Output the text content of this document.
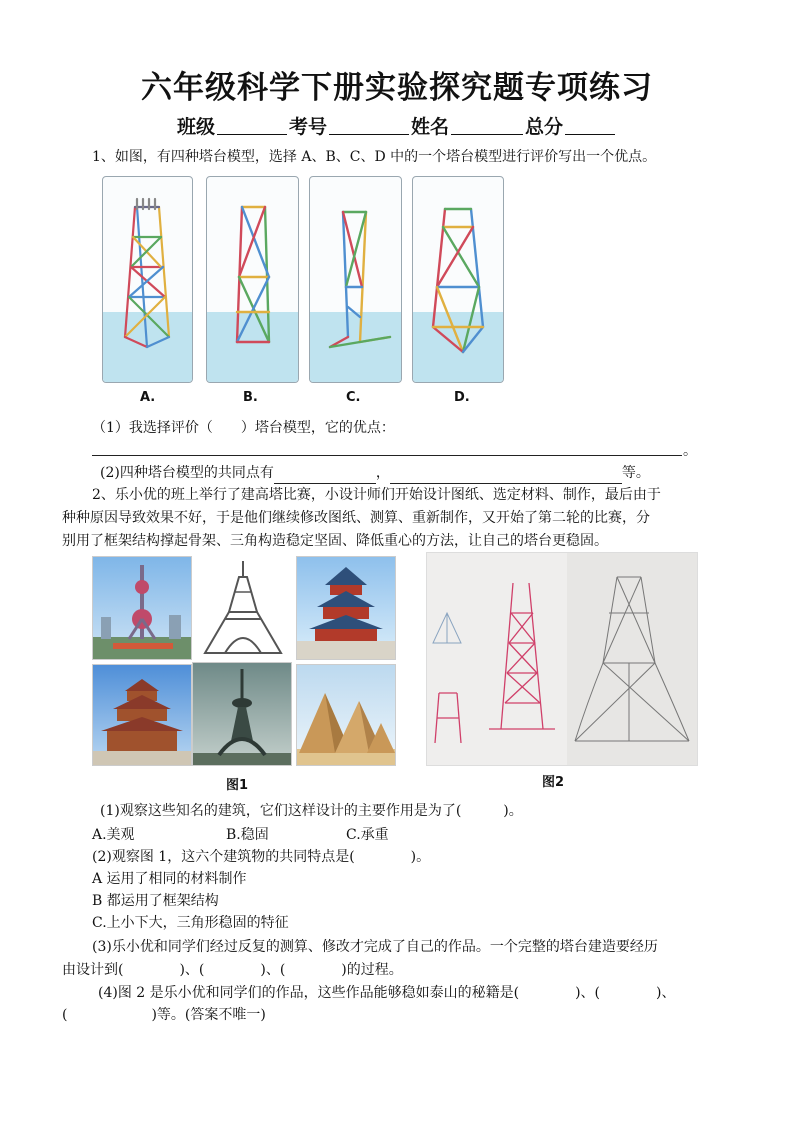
六年级科学下册实验探究题专项练习
班级	考号	姓名	总分
1、如图，有四种塔台模型，选择 A、B、C、D 中的一个塔台模型进行评价写出一个优点。
A.	B.	C.	D.
（1）我选择评价（　　）塔台模型，它的优点：
。
(2)四种塔台模型的共同点有	，	等。
2、乐小优的班上举行了建高塔比赛，小设计师们开始设计图纸、选定材料、制作，最后由于
种种原因导致效果不好，于是他们继续修改图纸、测算、重新制作，又开始了第二轮的比赛，分
别用了框架结构撑起骨架、三角构造稳定坚固、降低重心的方法，让自己的塔台更稳固。
图1	图2
(1)观察这些知名的建筑，它们这样设计的主要作用是为了(　　　)。
A.美观	B.稳固	C.承重
(2)观察图 1，这六个建筑物的共同特点是(　　　　)。
A 运用了相同的材料制作
B 都运用了框架结构
C.上小下大，三角形稳固的特征
(3)乐小优和同学们经过反复的测算、修改才完成了自己的作品。一个完整的塔台建造要经历
由设计到(　　　　)、(　　　　)、(　　　　)的过程。
(4)图 2 是乐小优和同学们的作品，这些作品能够稳如泰山的秘籍是(　　　　)、(　　　　)、
(　　　　　　)等。(答案不唯一)
